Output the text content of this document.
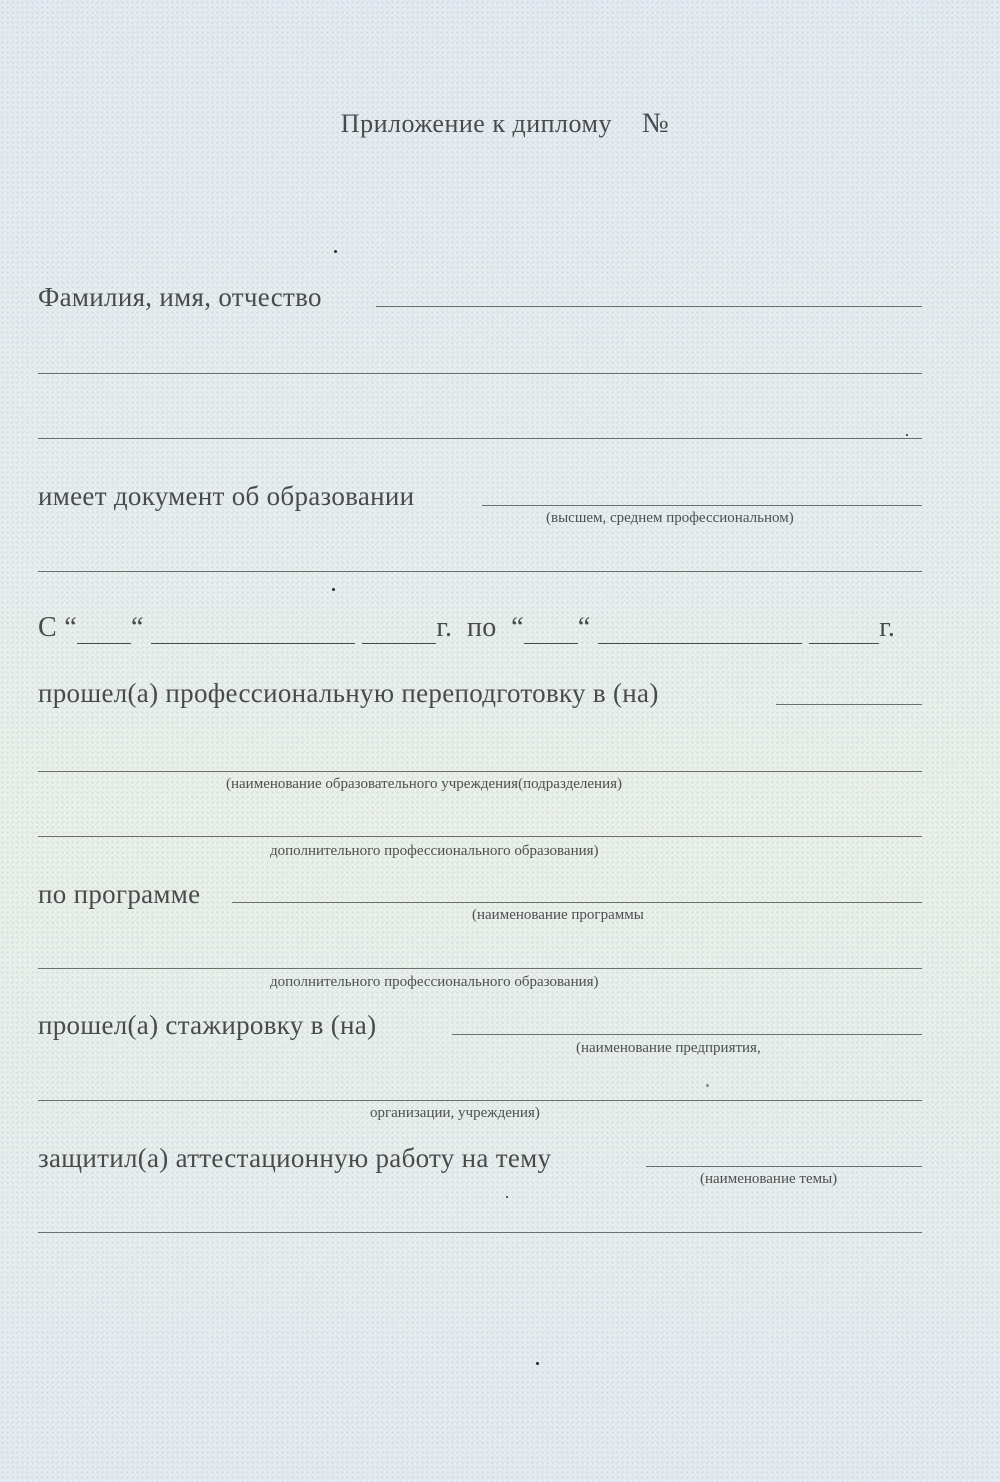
Приложение к диплому №
Фамилия, имя, отчество
имеет документ об образовании
(высшем, среднем профессиональном)
С “ “	г. по “ “	г.
прошел(а) профессиональную переподготовку в (на)
(наименование образовательного учреждения(подразделения)
дополнительного профессионального образования)
по программе
(наименование программы
дополнительного профессионального образования)
прошел(а) стажировку в (на)
(наименование предприятия,
организации, учреждения)
защитил(а) аттестационную работу на тему
(наименование темы)
